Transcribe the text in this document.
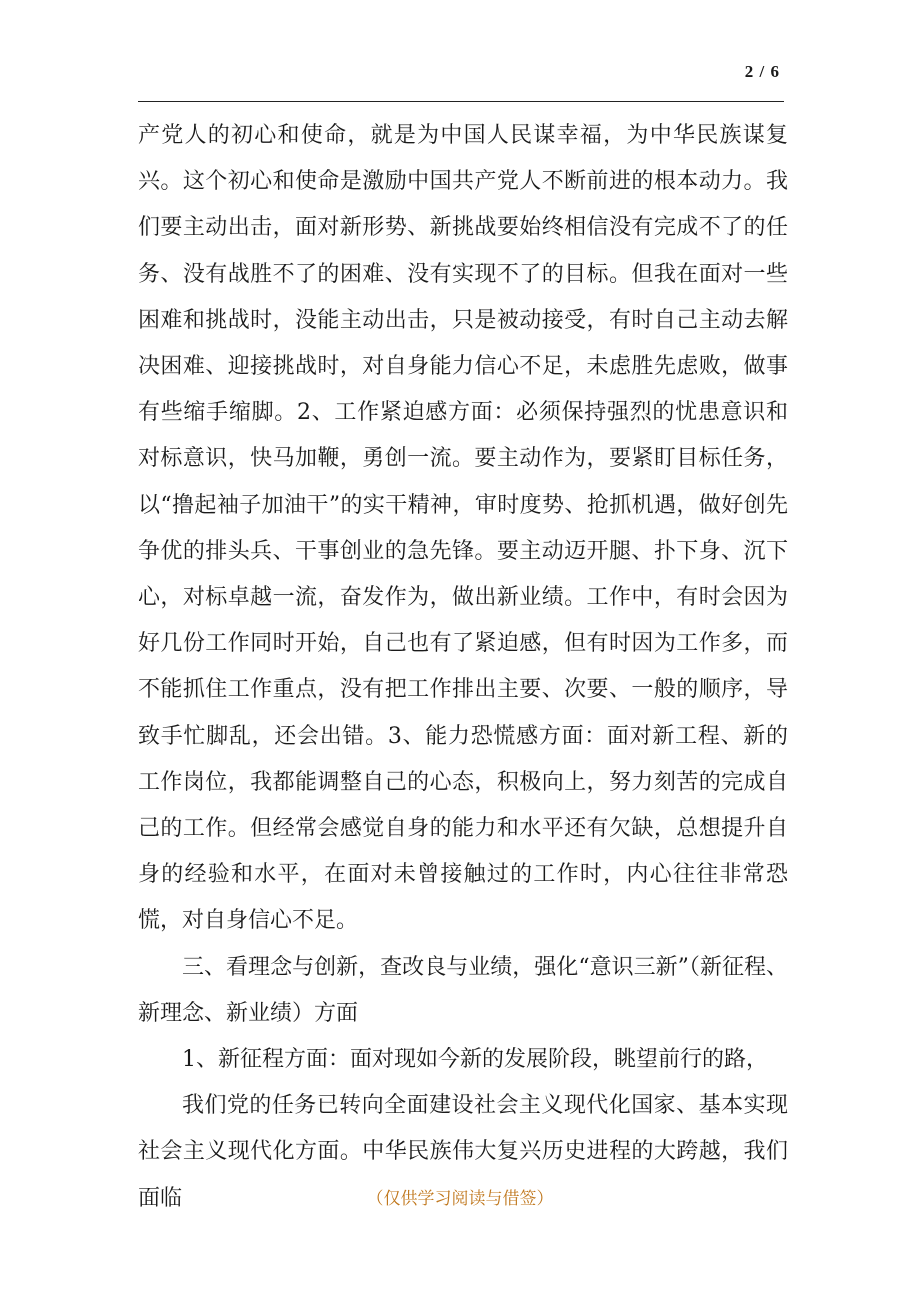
2 / 6

产党人的初心和使命，就是为中国人民谋幸福，为中华民族谋复兴。这个初心和使命是激励中国共产党人不断前进的根本动力。我们要主动出击，面对新形势、新挑战要始终相信没有完成不了的任务、没有战胜不了的困难、没有实现不了的目标。但我在面对一些困难和挑战时，没能主动出击，只是被动接受，有时自己主动去解决困难、迎接挑战时，对自身能力信心不足，未虑胜先虑败，做事有些缩手缩脚。2、工作紧迫感方面：必须保持强烈的忧患意识和对标意识，快马加鞭，勇创一流。要主动作为，要紧盯目标任务，以“撸起袖子加油干”的实干精神，审时度势、抢抓机遇，做好创先争优的排头兵、干事创业的急先锋。要主动迈开腿、扑下身、沉下心，对标卓越一流，奋发作为，做出新业绩。工作中，有时会因为好几份工作同时开始，自己也有了紧迫感，但有时因为工作多，而不能抓住工作重点，没有把工作排出主要、次要、一般的顺序，导致手忙脚乱，还会出错。3、能力恐慌感方面：面对新工程、新的工作岗位，我都能调整自己的心态，积极向上，努力刻苦的完成自己的工作。但经常会感觉自身的能力和水平还有欠缺，总想提升自身的经验和水平，在面对未曾接触过的工作时，内心往往非常恐慌，对自身信心不足。

三、看理念与创新，查改良与业绩，强化“意识三新”（新征程、新理念、新业绩）方面

1、新征程方面：面对现如今新的发展阶段，眺望前行的路，

我们党的任务已转向全面建设社会主义现代化国家、基本实现社会主义现代化方面。中华民族伟大复兴历史进程的大跨越，我们面临	（仅供学习阅读与借签）
